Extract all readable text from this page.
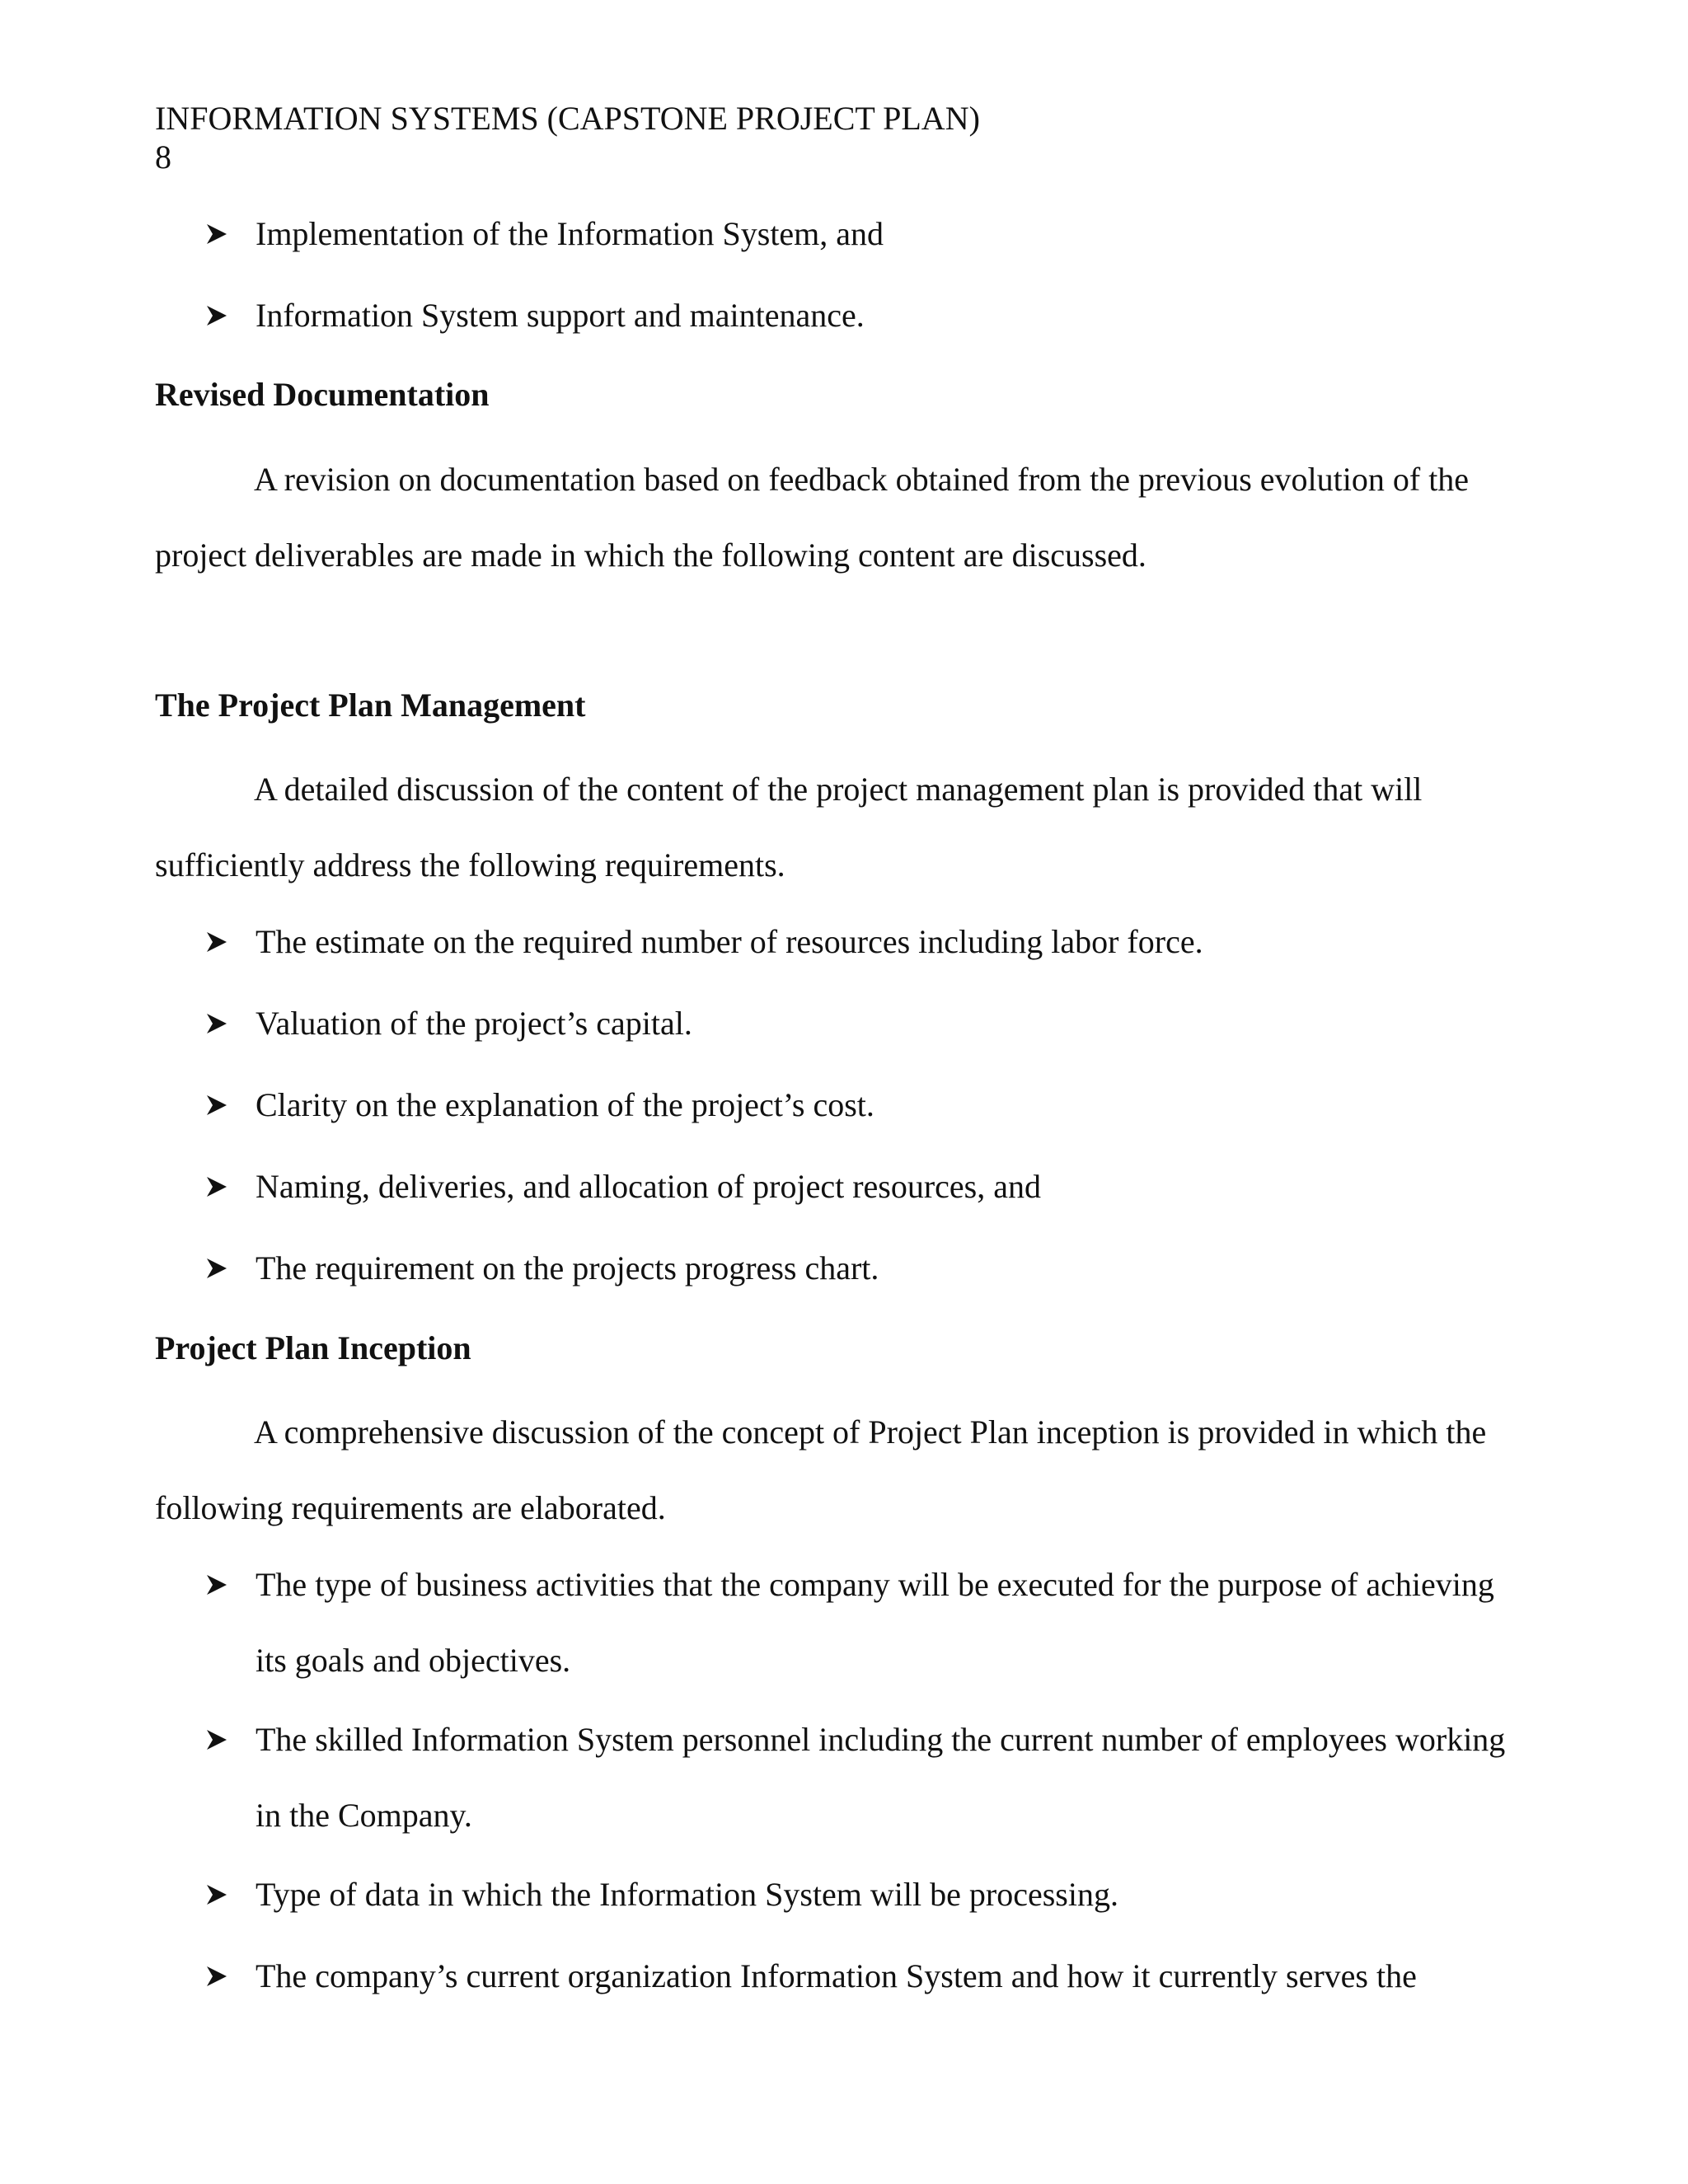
INFORMATION SYSTEMS (CAPSTONE PROJECT PLAN)
8
Implementation of the Information System, and
Information System support and maintenance.
Revised Documentation
A revision on documentation based on feedback obtained from the previous evolution of the project deliverables are made in which the following content are discussed.
The Project Plan Management
A detailed discussion of the content of the project management plan is provided that will sufficiently address the following requirements.
The estimate on the required number of resources including labor force.
Valuation of the project’s capital.
Clarity on the explanation of the project’s cost.
Naming, deliveries, and allocation of project resources, and
The requirement on the projects progress chart.
Project Plan Inception
A comprehensive discussion of the concept of Project Plan inception is provided in which the following requirements are elaborated.
The type of business activities that the company will be executed for the purpose of achieving its goals and objectives.
The skilled Information System personnel including the current number of employees working in the Company.
Type of data in which the Information System will be processing.
The company’s current organization Information System and how it currently serves the
